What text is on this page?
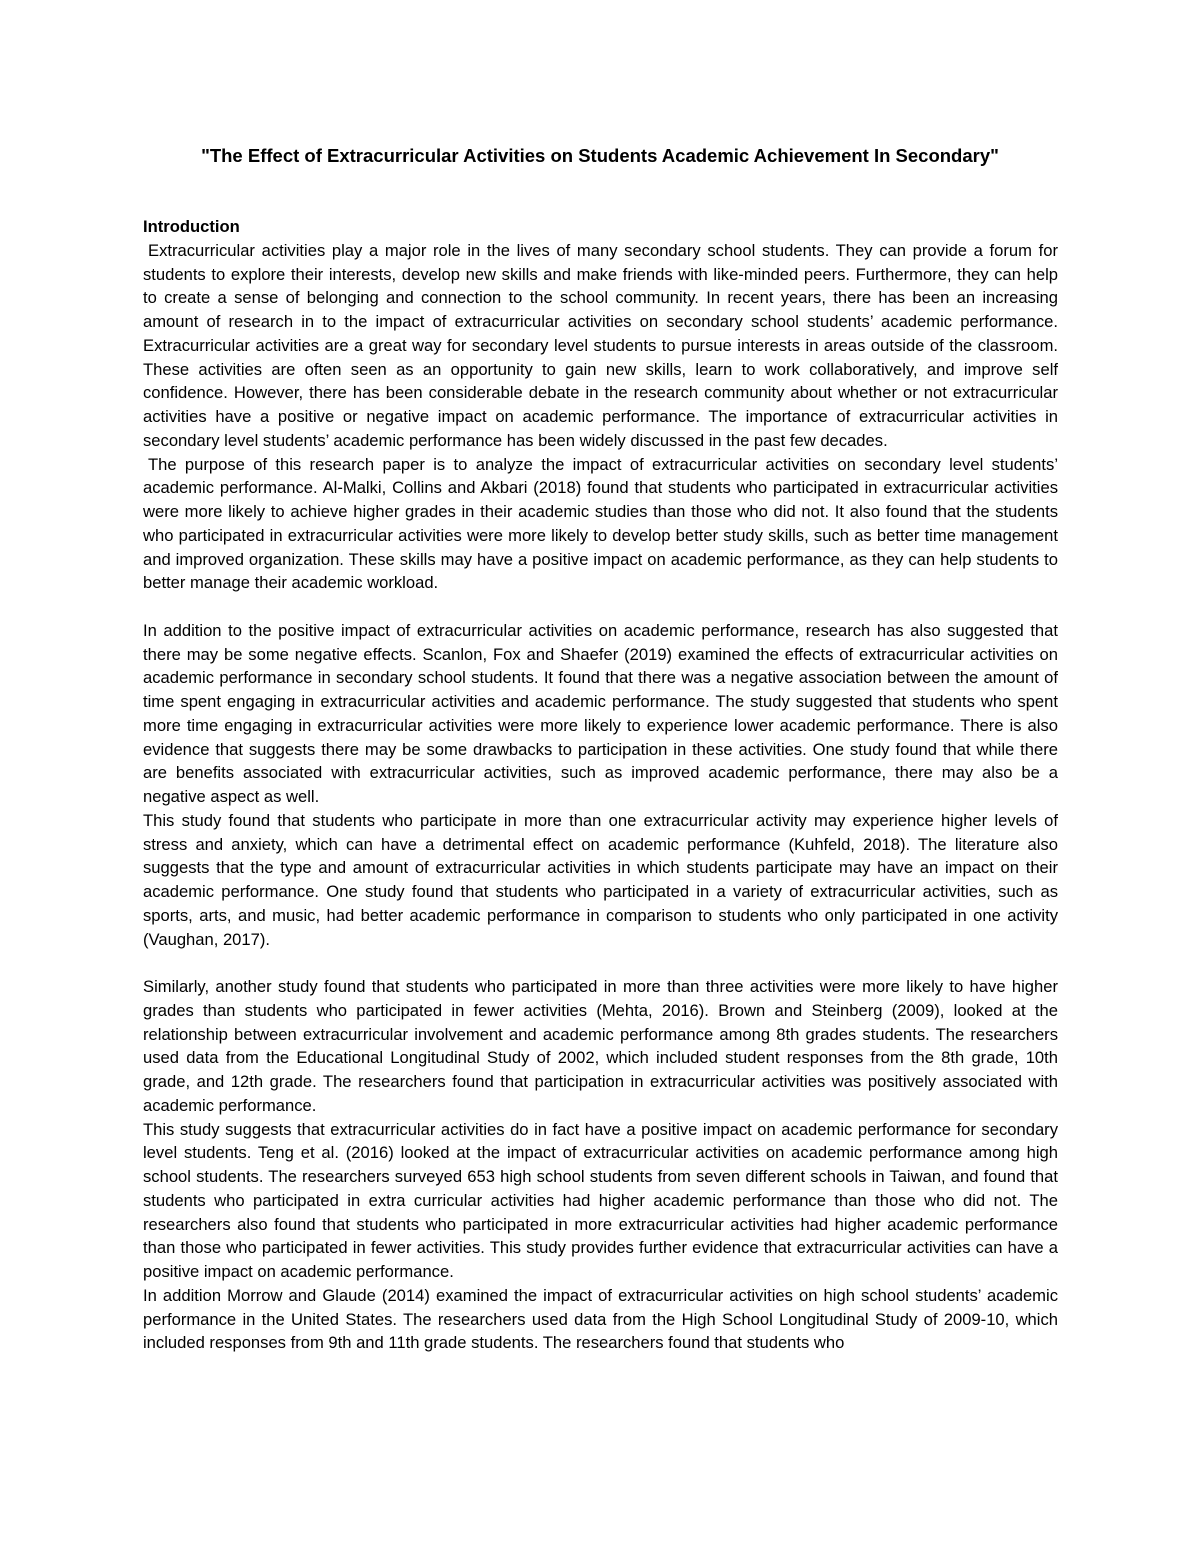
"The Effect of Extracurricular Activities on Students Academic Achievement In Secondary"

Introduction

Extracurricular activities play a major role in the lives of many secondary school students. They can provide a forum for students to explore their interests, develop new skills and make friends with like-minded peers. Furthermore, they can help to create a sense of belonging and connection to the school community. In recent years, there has been an increasing amount of research in to the impact of extracurricular activities on secondary school students’ academic performance. Extracurricular activities are a great way for secondary level students to pursue interests in areas outside of the classroom. These activities are often seen as an opportunity to gain new skills, learn to work collaboratively, and improve self confidence. However, there has been considerable debate in the research community about whether or not extracurricular activities have a positive or negative impact on academic performance. The importance of extracurricular activities in secondary level students’ academic performance has been widely discussed in the past few decades.

The purpose of this research paper is to analyze the impact of extracurricular activities on secondary level students’ academic performance. Al-Malki, Collins and Akbari (2018) found that students who participated in extracurricular activities were more likely to achieve higher grades in their academic studies than those who did not. It also found that the students who participated in extracurricular activities were more likely to develop better study skills, such as better time management and improved organization. These skills may have a positive impact on academic performance, as they can help students to better manage their academic workload.

In addition to the positive impact of extracurricular activities on academic performance, research has also suggested that there may be some negative effects. Scanlon, Fox and Shaefer (2019) examined the effects of extracurricular activities on academic performance in secondary school students. It found that there was a negative association between the amount of time spent engaging in extracurricular activities and academic performance. The study suggested that students who spent more time engaging in extracurricular activities were more likely to experience lower academic performance. There is also evidence that suggests there may be some drawbacks to participation in these activities. One study found that while there are benefits associated with extracurricular activities, such as improved academic performance, there may also be a negative aspect as well.

This study found that students who participate in more than one extracurricular activity may experience higher levels of stress and anxiety, which can have a detrimental effect on academic performance (Kuhfeld, 2018). The literature also suggests that the type and amount of extracurricular activities in which students participate may have an impact on their academic performance. One study found that students who participated in a variety of extracurricular activities, such as sports, arts, and music, had better academic performance in comparison to students who only participated in one activity (Vaughan, 2017).

Similarly, another study found that students who participated in more than three activities were more likely to have higher grades than students who participated in fewer activities (Mehta, 2016). Brown and Steinberg (2009), looked at the relationship between extracurricular involvement and academic performance among 8th grades students. The researchers used data from the Educational Longitudinal Study of 2002, which included student responses from the 8th grade, 10th grade, and 12th grade. The researchers found that participation in extracurricular activities was positively associated with academic performance.

This study suggests that extracurricular activities do in fact have a positive impact on academic performance for secondary level students. Teng et al. (2016) looked at the impact of extracurricular activities on academic performance among high school students. The researchers surveyed 653 high school students from seven different schools in Taiwan, and found that students who participated in extra curricular activities had higher academic performance than those who did not. The researchers also found that students who participated in more extracurricular activities had higher academic performance than those who participated in fewer activities. This study provides further evidence that extracurricular activities can have a positive impact on academic performance.

In addition Morrow and Glaude (2014) examined the impact of extracurricular activities on high school students’ academic performance in the United States. The researchers used data from the High School Longitudinal Study of 2009-10, which included responses from 9th and 11th grade students. The researchers found that students who
